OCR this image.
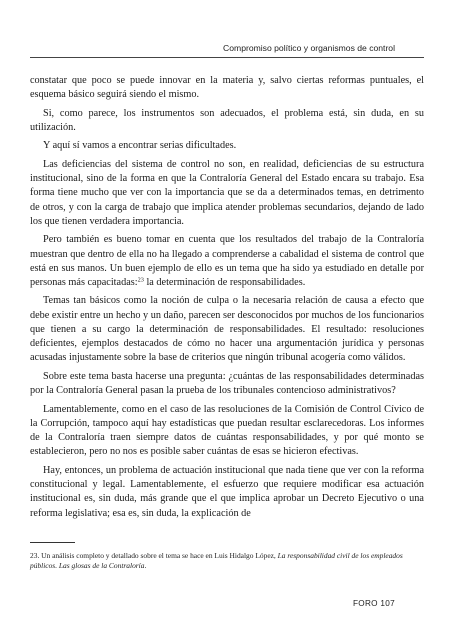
Compromiso político y organismos de control

constatar que poco se puede innovar en la materia y, salvo ciertas reformas puntuales, el esquema básico seguirá siendo el mismo.

Si, como parece, los instrumentos son adecuados, el problema está, sin duda, en su utilización.

Y aquí sí vamos a encontrar serias dificultades.

Las deficiencias del sistema de control no son, en realidad, deficiencias de su estructura institucional, sino de la forma en que la Contraloría General del Estado encara su trabajo. Esa forma tiene mucho que ver con la importancia que se da a determinados temas, en detrimento de otros, y con la carga de trabajo que implica atender problemas secundarios, dejando de lado los que tienen verdadera importancia.

Pero también es bueno tomar en cuenta que los resultados del trabajo de la Contraloría muestran que dentro de ella no ha llegado a comprenderse a cabalidad el sistema de control que está en sus manos. Un buen ejemplo de ello es un tema que ha sido ya estudiado en detalle por personas más capacitadas:$^{23}$ la determinación de responsabilidades.

Temas tan básicos como la noción de culpa o la necesaria relación de causa a efecto que debe existir entre un hecho y un daño, parecen ser desconocidos por muchos de los funcionarios que tienen a su cargo la determinación de responsabilidades. El resultado: resoluciones deficientes, ejemplos destacados de cómo no hacer una argumentación jurídica y personas acusadas injustamente sobre la base de criterios que ningún tribunal acogería como válidos.

Sobre este tema basta hacerse una pregunta: ¿cuántas de las responsabilidades determinadas por la Contraloría General pasan la prueba de los tribunales contencioso administrativos?

Lamentablemente, como en el caso de las resoluciones de la Comisión de Control Cívico de la Corrupción, tampoco aquí hay estadísticas que puedan resultar esclarecedoras. Los informes de la Contraloría traen siempre datos de cuántas responsabilidades, y por qué monto se establecieron, pero no nos es posible saber cuántas de esas se hicieron efectivas.

Hay, entonces, un problema de actuación institucional que nada tiene que ver con la reforma constitucional y legal. Lamentablemente, el esfuerzo que requiere modificar esa actuación institucional es, sin duda, más grande que el que implica aprobar un Decreto Ejecutivo o una reforma legislativa; esa es, sin duda, la explicación de

23. Un análisis completo y detallado sobre el tema se hace en Luis Hidalgo López, La responsabilidad civil de los empleados públicos. Las glosas de la Contraloría.
FORO 107
